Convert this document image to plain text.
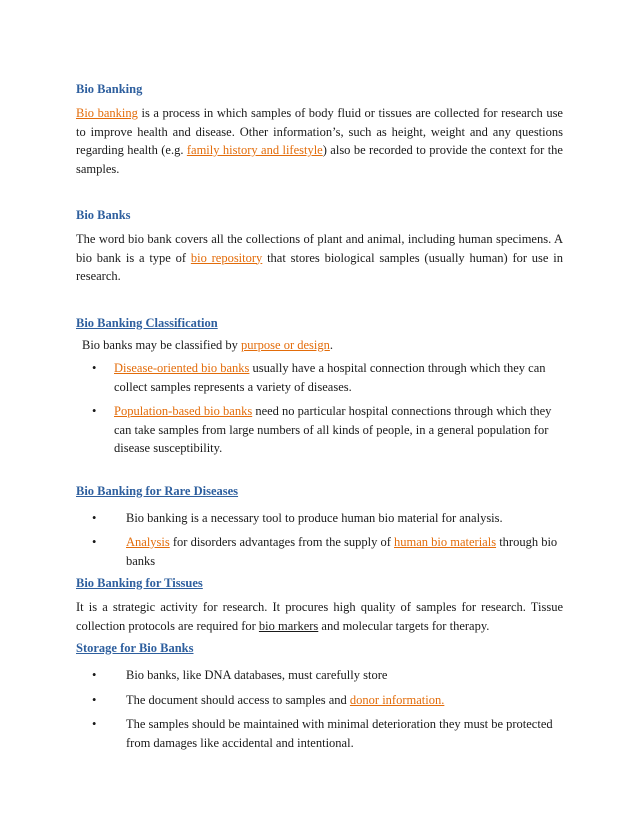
Bio Banking

Bio banking is a process in which samples of body fluid or tissues are collected for research use to improve health and disease. Other information’s, such as height, weight and any questions regarding health (e.g. family history and lifestyle) also be recorded to provide the context for the samples.

Bio Banks

The word bio bank covers all the collections of plant and animal, including human specimens. A bio bank is a type of bio repository that stores biological samples (usually human) for use in research.

Bio Banking Classification

Bio banks may be classified by purpose or design.

• Disease-oriented bio banks usually have a hospital connection through which they can collect samples represents a variety of diseases.
• Population-based bio banks need no particular hospital connections through which they can take samples from large numbers of all kinds of people, in a general population for disease susceptibility.
Bio Banking for Rare Diseases
• Bio banking is a necessary tool to produce human bio material for analysis.
• Analysis for disorders advantages from the supply of human bio materials through bio banks
Bio Banking for Tissues

It is a strategic activity for research. It procures high quality of samples for research. Tissue collection protocols are required for bio markers and molecular targets for therapy.

Storage for Bio Banks
• Bio banks, like DNA databases, must carefully store
• The document should access to samples and donor information.
• The samples should be maintained with minimal deterioration they must be protected from damages like accidental and intentional.
